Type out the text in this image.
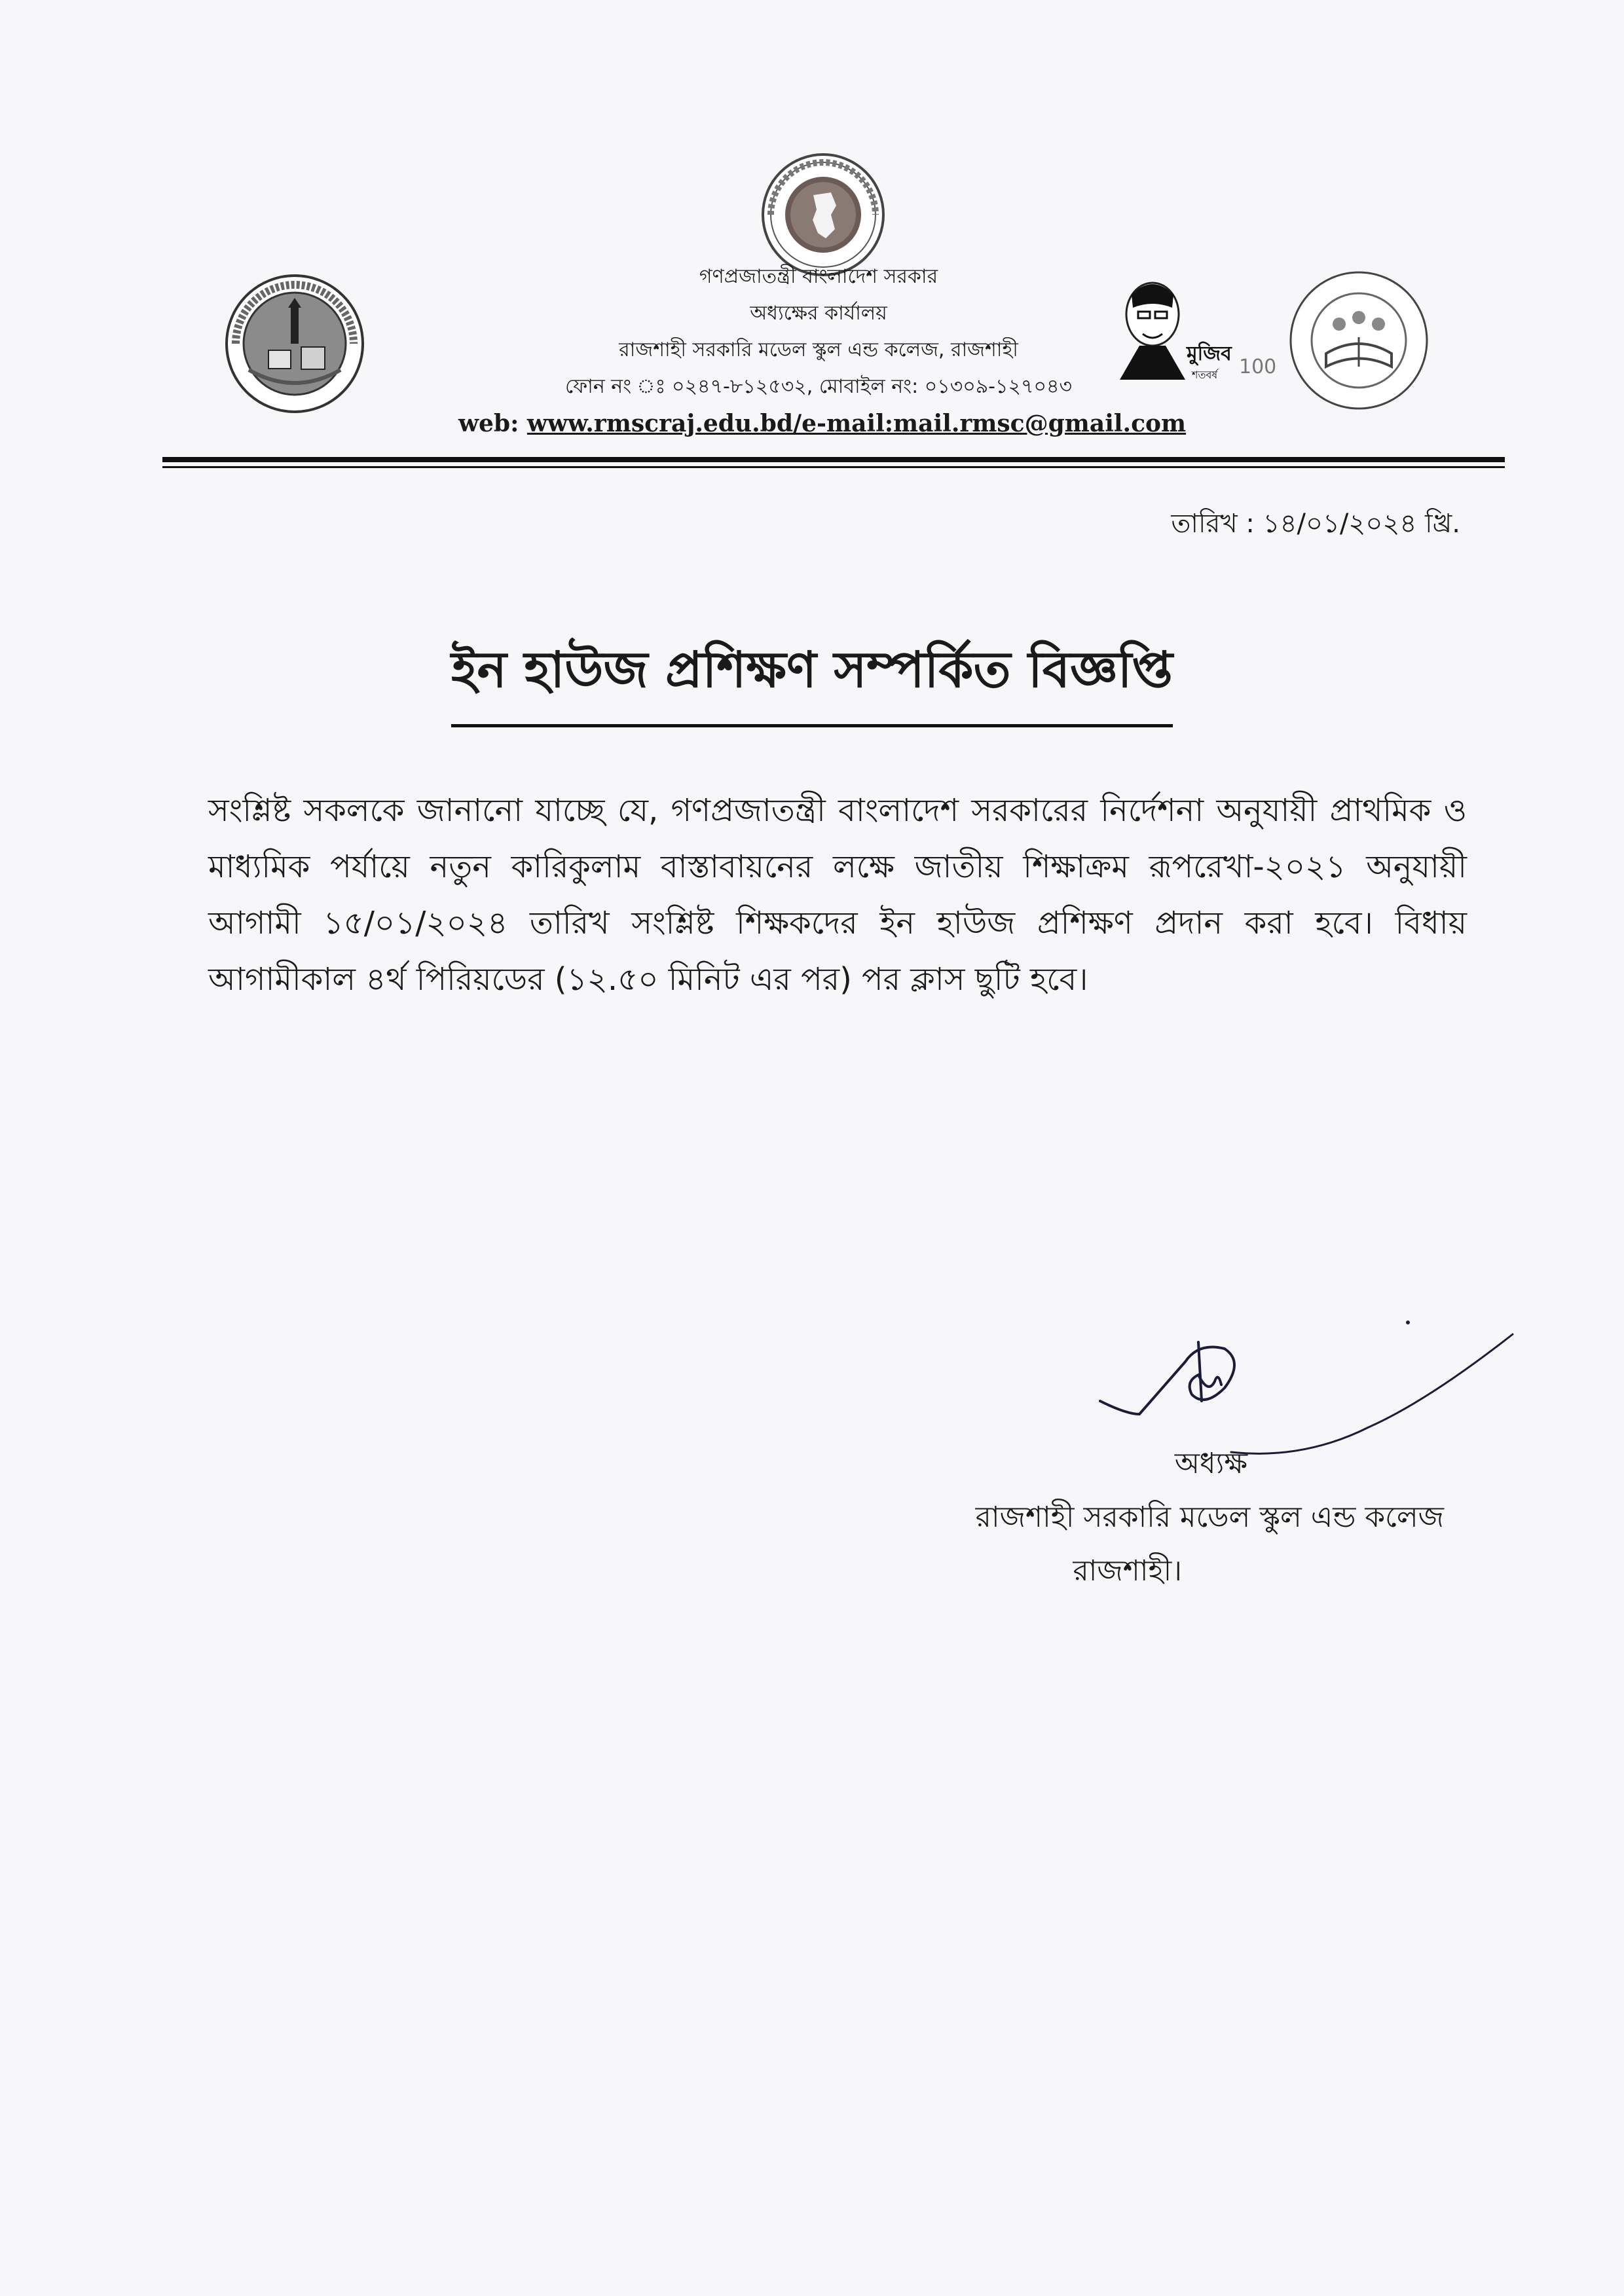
মুজিব
শতবর্ষ 100
গণপ্রজাতন্ত্রী বাংলাদেশ সরকার
অধ্যক্ষের কার্যালয়
রাজশাহী সরকারি মডেল স্কুল এন্ড কলেজ, রাজশাহী
ফোন নং ঃ ০২৪৭-৮১২৫৩২, মোবাইল নং: ০১৩০৯-১২৭০৪৩
web: www.rmscraj.edu.bd/e-mail:mail.rmsc@gmail.com
তারিখ : ১৪/০১/২০২৪ খ্রি.
ইন হাউজ প্রশিক্ষণ সম্পর্কিত বিজ্ঞপ্তি
সংশ্লিষ্ট সকলকে জানানো যাচ্ছে যে, গণপ্রজাতন্ত্রী বাংলাদেশ সরকারের নির্দেশনা অনুযায়ী প্রাথমিক ও মাধ্যমিক পর্যায়ে নতুন কারিকুলাম বাস্তাবায়নের লক্ষে জাতীয় শিক্ষাক্রম রূপরেখা-২০২১ অনুযায়ী আগামী ১৫/০১/২০২৪ তারিখ সংশ্লিষ্ট শিক্ষকদের ইন হাউজ প্রশিক্ষণ প্রদান করা হবে। বিধায় আগামীকাল ৪র্থ পিরিয়ডের (১২.৫০ মিনিট এর পর) পর ক্লাস ছুটি হবে।
অধ্যক্ষ
রাজশাহী সরকারি মডেল স্কুল এন্ড কলেজ
রাজশাহী।
